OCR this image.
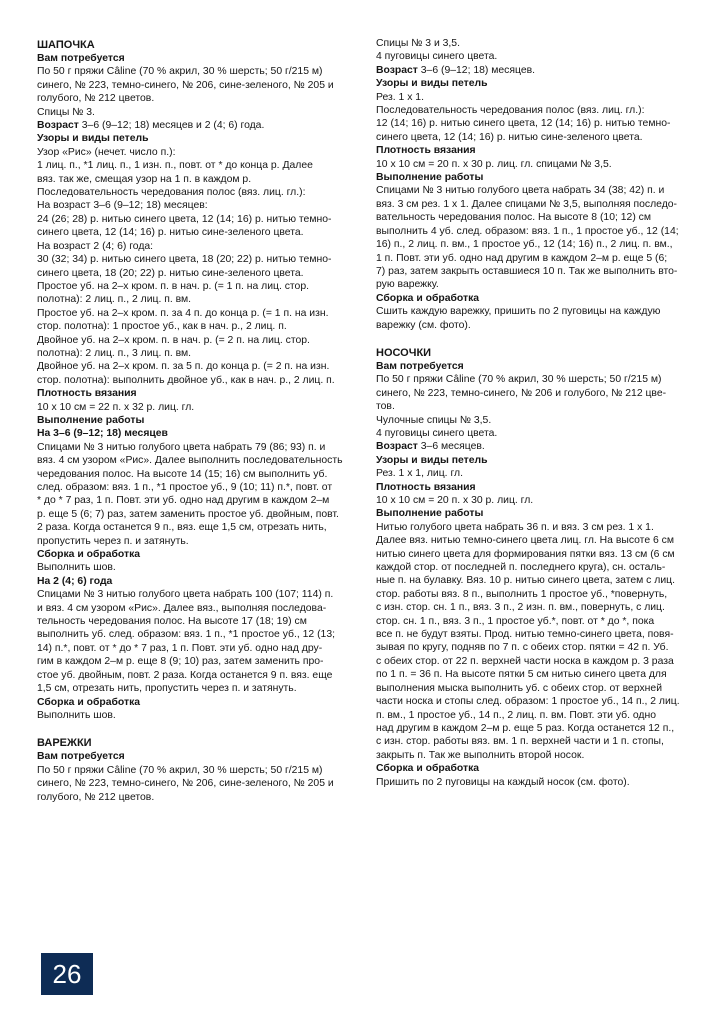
ШАПОЧКА

Вам потребуется

По 50 г пряжи Câline (70 % акрил, 30 % шерсть; 50 г/215 м)

синего, № 223, темно-синего, № 206, сине-зеленого, № 205 и

голубого, № 212 цветов.

Спицы № 3.

Возраст 3–6 (9–12; 18) месяцев и 2 (4; 6) года.

Узоры и виды петель

Узор «Рис» (нечет. число п.):

1 лиц. п., *1 лиц. п., 1 изн. п., повт. от * до конца р. Далее

вяз. так же, смещая узор на 1 п. в каждом р.

Последовательность чередования полос (вяз. лиц. гл.):

На возраст 3–6 (9–12; 18) месяцев:

24 (26; 28) р. нитью синего цвета, 12 (14; 16) р. нитью темно-

синего цвета, 12 (14; 16) р. нитью сине-зеленого цвета.

На возраст 2 (4; 6) года:

30 (32; 34) р. нитью синего цвета, 18 (20; 22) р. нитью темно-

синего цвета, 18 (20; 22) р. нитью сине-зеленого цвета.

Простое уб. на 2–х кром. п. в нач. р. (= 1 п. на лиц. стор.

полотна): 2 лиц. п., 2 лиц. п. вм.

Простое уб. на 2–х кром. п. за 4 п. до конца р. (= 1 п. на изн.

стор. полотна): 1 простое уб., как в нач. р., 2 лиц. п.

Двойное уб. на 2–х кром. п. в нач. р. (= 2 п. на лиц. стор.

полотна): 2 лиц. п., 3 лиц. п. вм.

Двойное уб. на 2–х кром. п. за 5 п. до конца р. (= 2 п. на изн.

стор. полотна): выполнить двойное уб., как в нач. р., 2 лиц. п.

Плотность вязания

10 х 10 см = 22 п. х 32 р. лиц. гл.

Выполнение работы

На 3–6 (9–12; 18) месяцев

Спицами № 3 нитью голубого цвета набрать 79 (86; 93) п. и

вяз. 4 см узором «Рис». Далее выполнить последовательность

чередования полос. На высоте 14 (15; 16) см выполнить уб.

след. образом: вяз. 1 п., *1 простое уб., 9 (10; 11) п.*, повт. от

* до * 7 раз, 1 п. Повт. эти уб. одно над другим в каждом 2–м

р. еще 5 (6; 7) раз, затем заменить простое уб. двойным, повт.

2 раза. Когда останется 9 п., вяз. еще 1,5 см, отрезать нить,

пропустить через п. и затянуть.

Сборка и обработка

Выполнить шов.

На 2 (4; 6) года

Спицами № 3 нитью голубого цвета набрать 100 (107; 114) п.

и вяз. 4 см узором «Рис». Далее вяз., выполняя последова-

тельность чередования полос. На высоте 17 (18; 19) см

выполнить уб. след. образом: вяз. 1 п., *1 простое уб., 12 (13;

14) п.*, повт. от * до * 7 раз, 1 п. Повт. эти уб. одно над дру-

гим в каждом 2–м р. еще 8 (9; 10) раз, затем заменить про-

стое уб. двойным, повт. 2 раза. Когда останется 9 п. вяз. еще

1,5 см, отрезать нить, пропустить через п. и затянуть.

Сборка и обработка

Выполнить шов.

ВАРЕЖКИ

Вам потребуется

По 50 г пряжи Câline (70 % акрил, 30 % шерсть; 50 г/215 м)

синего, № 223, темно-синего, № 206, сине-зеленого, № 205 и

голубого, № 212 цветов.

Спицы № 3 и 3,5.

4 пуговицы синего цвета.

Возраст 3–6 (9–12; 18) месяцев.

Узоры и виды петель

Рез. 1 х 1.

Последовательность чередования полос (вяз. лиц. гл.):

12 (14; 16) р. нитью синего цвета, 12 (14; 16) р. нитью темно-

синего цвета, 12 (14; 16) р. нитью сине-зеленого цвета.

Плотность вязания

10 х 10 см = 20 п. х 30 р. лиц. гл. спицами № 3,5.

Выполнение работы

Спицами № 3 нитью голубого цвета набрать 34 (38; 42) п. и

вяз. 3 см рез. 1 х 1. Далее спицами № 3,5, выполняя последо-

вательность чередования полос. На высоте 8 (10; 12) см

выполнить 4 уб. след. образом: вяз. 1 п., 1 простое уб., 12 (14;

16) п., 2 лиц. п. вм., 1 простое уб., 12 (14; 16) п., 2 лиц. п. вм.,

1 п. Повт. эти уб. одно над другим в каждом 2–м р. еще 5 (6;

7) раз, затем закрыть оставшиеся 10 п. Так же выполнить вто-

рую варежку.

Сборка и обработка

Сшить каждую варежку, пришить по 2 пуговицы на каждую

варежку (см. фото).

НОСОЧКИ

Вам потребуется

По 50 г пряжи Câline (70 % акрил, 30 % шерсть; 50 г/215 м)

синего, № 223, темно-синего, № 206 и голубого, № 212 цве-

тов.

Чулочные спицы № 3,5.

4 пуговицы синего цвета.

Возраст 3–6 месяцев.

Узоры и виды петель

Рез. 1 х 1, лиц. гл.

Плотность вязания

10 х 10 см = 20 п. х 30 р. лиц. гл.

Выполнение работы

Нитью голубого цвета набрать 36 п. и вяз. 3 см рез. 1 х 1.

Далее вяз. нитью темно-синего цвета лиц. гл. На высоте 6 см

нитью синего цвета для формирования пятки вяз. 13 см (6 см

каждой стор. от последней п. последнего круга), сн. осталь-

ные п. на булавку. Вяз. 10 р. нитью синего цвета, затем с лиц.

стор. работы вяз. 8 п., выполнить 1 простое уб., *повернуть,

с изн. стор. сн. 1 п., вяз. 3 п., 2 изн. п. вм., повернуть, с лиц.

стор. сн. 1 п., вяз. 3 п., 1 простое уб.*, повт. от * до *, пока

все п. не будут взяты. Прод. нитью темно-синего цвета, повя-

зывая по кругу, подняв по 7 п. с обеих стор. пятки = 42 п. Уб.

с обеих стор. от 22 п. верхней части носка в каждом р. 3 раза

по 1 п. = 36 п. На высоте пятки 5 см нитью синего цвета для

выполнения мыска выполнить уб. с обеих стор. от верхней

части носка и стопы след. образом: 1 простое уб., 14 п., 2 лиц.

п. вм., 1 простое уб., 14 п., 2 лиц. п. вм. Повт. эти уб. одно

над другим в каждом 2–м р. еще 5 раз. Когда останется 12 п.,

с изн. стор. работы вяз. вм. 1 п. верхней части и 1 п. стопы,

закрыть п. Так же выполнить второй носок.

Сборка и обработка

Пришить по 2 пуговицы на каждый носок (см. фото).

26
